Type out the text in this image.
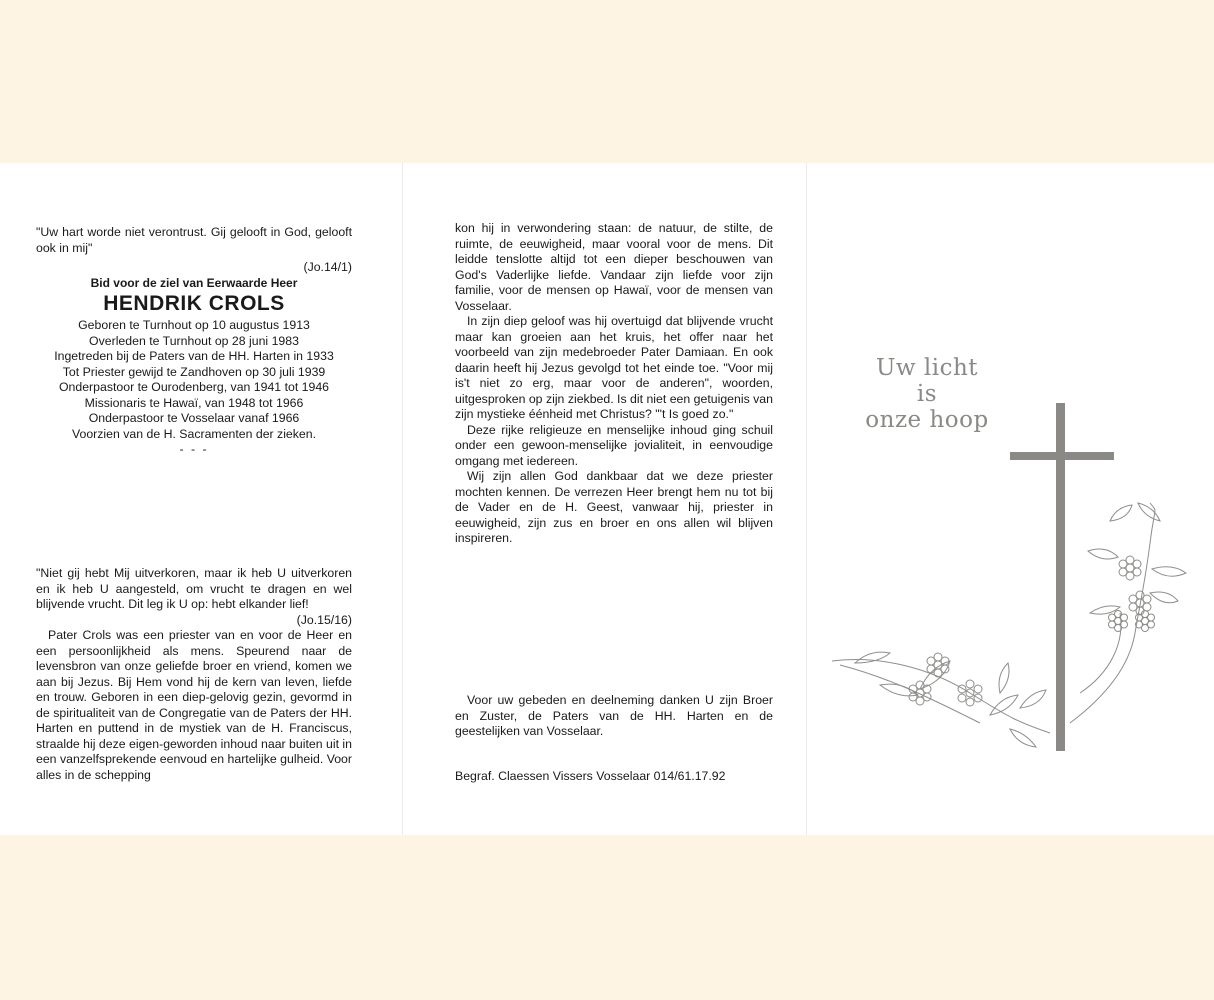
"Uw hart worde niet verontrust. Gij gelooft in God, gelooft ook in mij"

(Jo.14/1)

Bid voor de ziel van Eerwaarde Heer

HENDRIK CROLS

Geboren te Turnhout op 10 augustus 1913

Overleden te Turnhout op 28 juni 1983

Ingetreden bij de Paters van de HH. Harten in 1933

Tot Priester gewijd te Zandhoven op 30 juli 1939

Onderpastoor te Ourodenberg, van 1941 tot 1946

Missionaris te Hawaï, van 1948 tot 1966

Onderpastoor te Vosselaar vanaf 1966

Voorzien van de H. Sacramenten der zieken.

- - -

"Niet gij hebt Mij uitverkoren, maar ik heb U uitverkoren en ik heb U aangesteld, om vrucht te dragen en wel blijvende vrucht. Dit leg ik U op: hebt elkander lief!

(Jo.15/16)

Pater Crols was een priester van en voor de Heer en een persoonlijkheid als mens. Speurend naar de levensbron van onze geliefde broer en vriend, komen we aan bij Jezus. Bij Hem vond hij de kern van leven, liefde en trouw. Geboren in een diep-gelovig gezin, gevormd in de spiritualiteit van de Congregatie van de Paters der HH. Harten en puttend in de mystiek van de H. Franciscus, straalde hij deze eigen-geworden inhoud naar buiten uit in een vanzelfsprekende eenvoud en hartelijke gulheid. Voor alles in de schepping

kon hij in verwondering staan: de natuur, de stilte, de ruimte, de eeuwigheid, maar vooral voor de mens. Dit leidde tenslotte altijd tot een dieper beschouwen van God's Vaderlijke liefde. Vandaar zijn liefde voor zijn familie, voor de mensen op Hawaï, voor de mensen van Vosselaar.

In zijn diep geloof was hij overtuigd dat blijvende vrucht maar kan groeien aan het kruis, het offer naar het voorbeeld van zijn medebroeder Pater Damiaan. En ook daarin heeft hij Jezus gevolgd tot het einde toe. "Voor mij is't niet zo erg, maar voor de anderen", woorden, uitgesproken op zijn ziekbed. Is dit niet een getuigenis van zijn mystieke éénheid met Christus? "'t Is goed zo."

Deze rijke religieuze en menselijke inhoud ging schuil onder een gewoon-menselijke jovialiteit, in eenvoudige omgang met iedereen.

Wij zijn allen God dankbaar dat we deze priester mochten kennen. De verrezen Heer brengt hem nu tot bij de Vader en de H. Geest, vanwaar hij, priester in eeuwigheid, zijn zus en broer en ons allen wil blijven inspireren.

Voor uw gebeden en deelneming danken U zijn Broer en Zuster, de Paters van de HH. Harten en de geestelijken van Vosselaar.

Begraf. Claessen Vissers Vosselaar 014/61.17.92

Uw licht

is

onze hoop
